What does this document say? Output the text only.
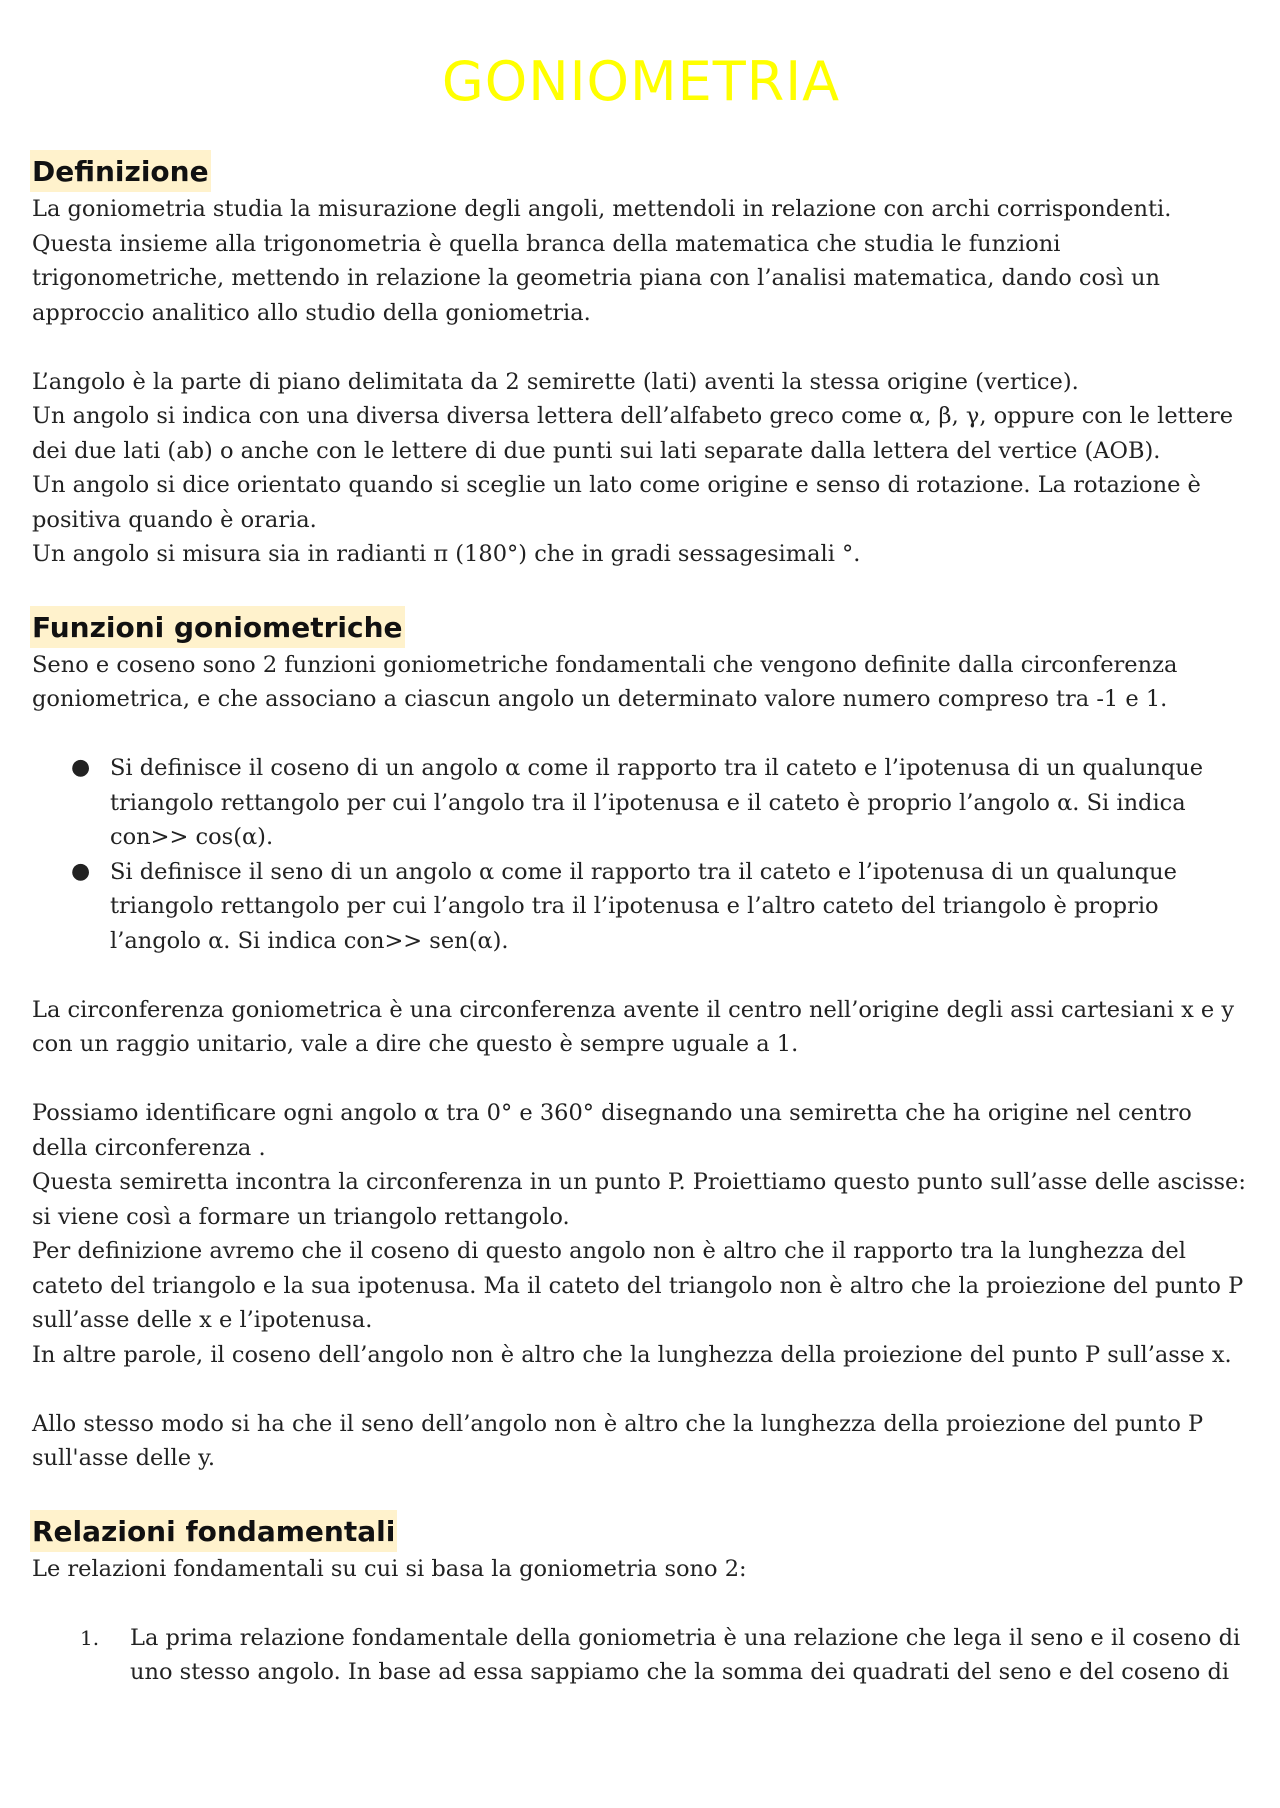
GONIOMETRIA
Definizione

La goniometria studia la misurazione degli angoli, mettendoli in relazione con archi corrispondenti. Questa insieme alla trigonometria è quella branca della matematica che studia le funzioni trigonometriche, mettendo in relazione la geometria piana con l’analisi matematica, dando così un approccio analitico allo studio della goniometria.

L’angolo è la parte di piano delimitata da 2 semirette (lati) aventi la stessa origine (vertice).

Un angolo si indica con una diversa diversa lettera dell’alfabeto greco come α, β, γ, oppure con le lettere dei due lati (ab) o anche con le lettere di due punti sui lati separate dalla lettera del vertice (AOB).

Un angolo si dice orientato quando si sceglie un lato come origine e senso di rotazione. La rotazione è positiva quando è oraria.

Un angolo si misura sia in radianti π (180°) che in gradi sessagesimali °.

Funzioni goniometriche

Seno e coseno sono 2 funzioni goniometriche fondamentali che vengono definite dalla circonferenza goniometrica, e che associano a ciascun angolo un determinato valore numero compreso tra -1 e 1.

● Si definisce il coseno di un angolo α come il rapporto tra il cateto e l’ipotenusa di un qualunque triangolo rettangolo per cui l’angolo tra il l’ipotenusa e il cateto è proprio l’angolo α. Si indica con>> cos(α).
● Si definisce il seno di un angolo α come il rapporto tra il cateto e l’ipotenusa di un qualunque triangolo rettangolo per cui l’angolo tra il l’ipotenusa e l’altro cateto del triangolo è proprio l’angolo α. Si indica con>> sen(α).

La circonferenza goniometrica è una circonferenza avente il centro nell’origine degli assi cartesiani x e y con un raggio unitario, vale a dire che questo è sempre uguale a 1.

Possiamo identificare ogni angolo α tra 0° e 360° disegnando una semiretta che ha origine nel centro della circonferenza .

Questa semiretta incontra la circonferenza in un punto P. Proiettiamo questo punto sull’asse delle ascisse: si viene così a formare un triangolo rettangolo.

Per definizione avremo che il coseno di questo angolo non è altro che il rapporto tra la lunghezza del cateto del triangolo e la sua ipotenusa. Ma il cateto del triangolo non è altro che la proiezione del punto P sull’asse delle x e l’ipotenusa.

In altre parole, il coseno dell’angolo non è altro che la lunghezza della proiezione del punto P sull’asse x.

Allo stesso modo si ha che il seno dell’angolo non è altro che la lunghezza della proiezione del punto P sull'asse delle y.

Relazioni fondamentali

Le relazioni fondamentali su cui si basa la goniometria sono 2:

1. La prima relazione fondamentale della goniometria è una relazione che lega il seno e il coseno di uno stesso angolo. In base ad essa sappiamo che la somma dei quadrati del seno e del coseno di
